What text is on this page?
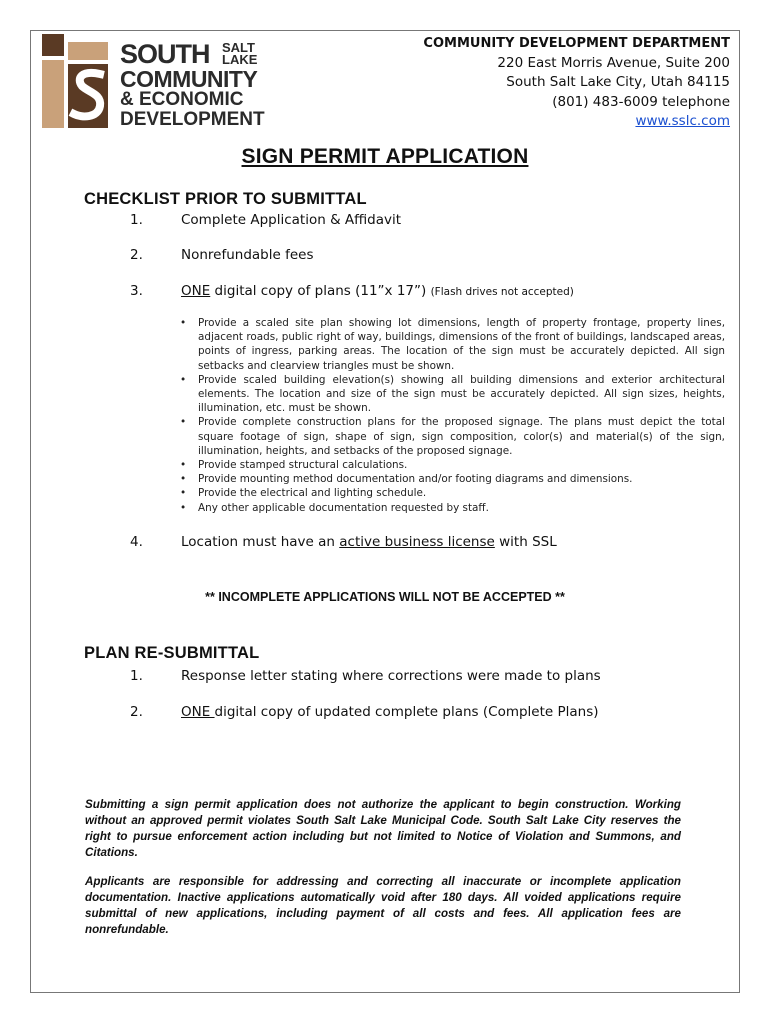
SOUTH SALT
LAKE
COMMUNITY
& ECONOMIC
DEVELOPMENT
COMMUNITY DEVELOPMENT DEPARTMENT
220 East Morris Avenue, Suite 200
South Salt Lake City, Utah 84115
(801) 483-6009 telephone
www.sslc.com
SIGN PERMIT APPLICATION
CHECKLIST PRIOR TO SUBMITTAL
1.	Complete Application & Affidavit
2.	Nonrefundable fees
3.	ONE digital copy of plans (11”x 17”) (Flash drives not accepted)
• Provide a scaled site plan showing lot dimensions, length of property frontage, property lines, adjacent roads, public right of way, buildings, dimensions of the front of buildings, landscaped areas, points of ingress, parking areas. The location of the sign must be accurately depicted. All sign setbacks and clearview triangles must be shown.
• Provide scaled building elevation(s) showing all building dimensions and exterior architectural elements. The location and size of the sign must be accurately depicted. All sign sizes, heights, illumination, etc. must be shown.
• Provide complete construction plans for the proposed signage. The plans must depict the total square footage of sign, shape of sign, sign composition, color(s) and material(s) of the sign, illumination, heights, and setbacks of the proposed signage.
• Provide stamped structural calculations.
• Provide mounting method documentation and/or footing diagrams and dimensions.
• Provide the electrical and lighting schedule.
• Any other applicable documentation requested by staff.
4.	Location must have an active business license with SSL
** INCOMPLETE APPLICATIONS WILL NOT BE ACCEPTED **
PLAN RE-SUBMITTAL
1.	Response letter stating where corrections were made to plans
2.	ONE digital copy of updated complete plans (Complete Plans)
Submitting a sign permit application does not authorize the applicant to begin construction. Working without an approved permit violates South Salt Lake Municipal Code. South Salt Lake City reserves the right to pursue enforcement action including but not limited to Notice of Violation and Summons, and Citations.
Applicants are responsible for addressing and correcting all inaccurate or incomplete application documentation. Inactive applications automatically void after 180 days. All voided applications require submittal of new applications, including payment of all costs and fees. All application fees are nonrefundable.
